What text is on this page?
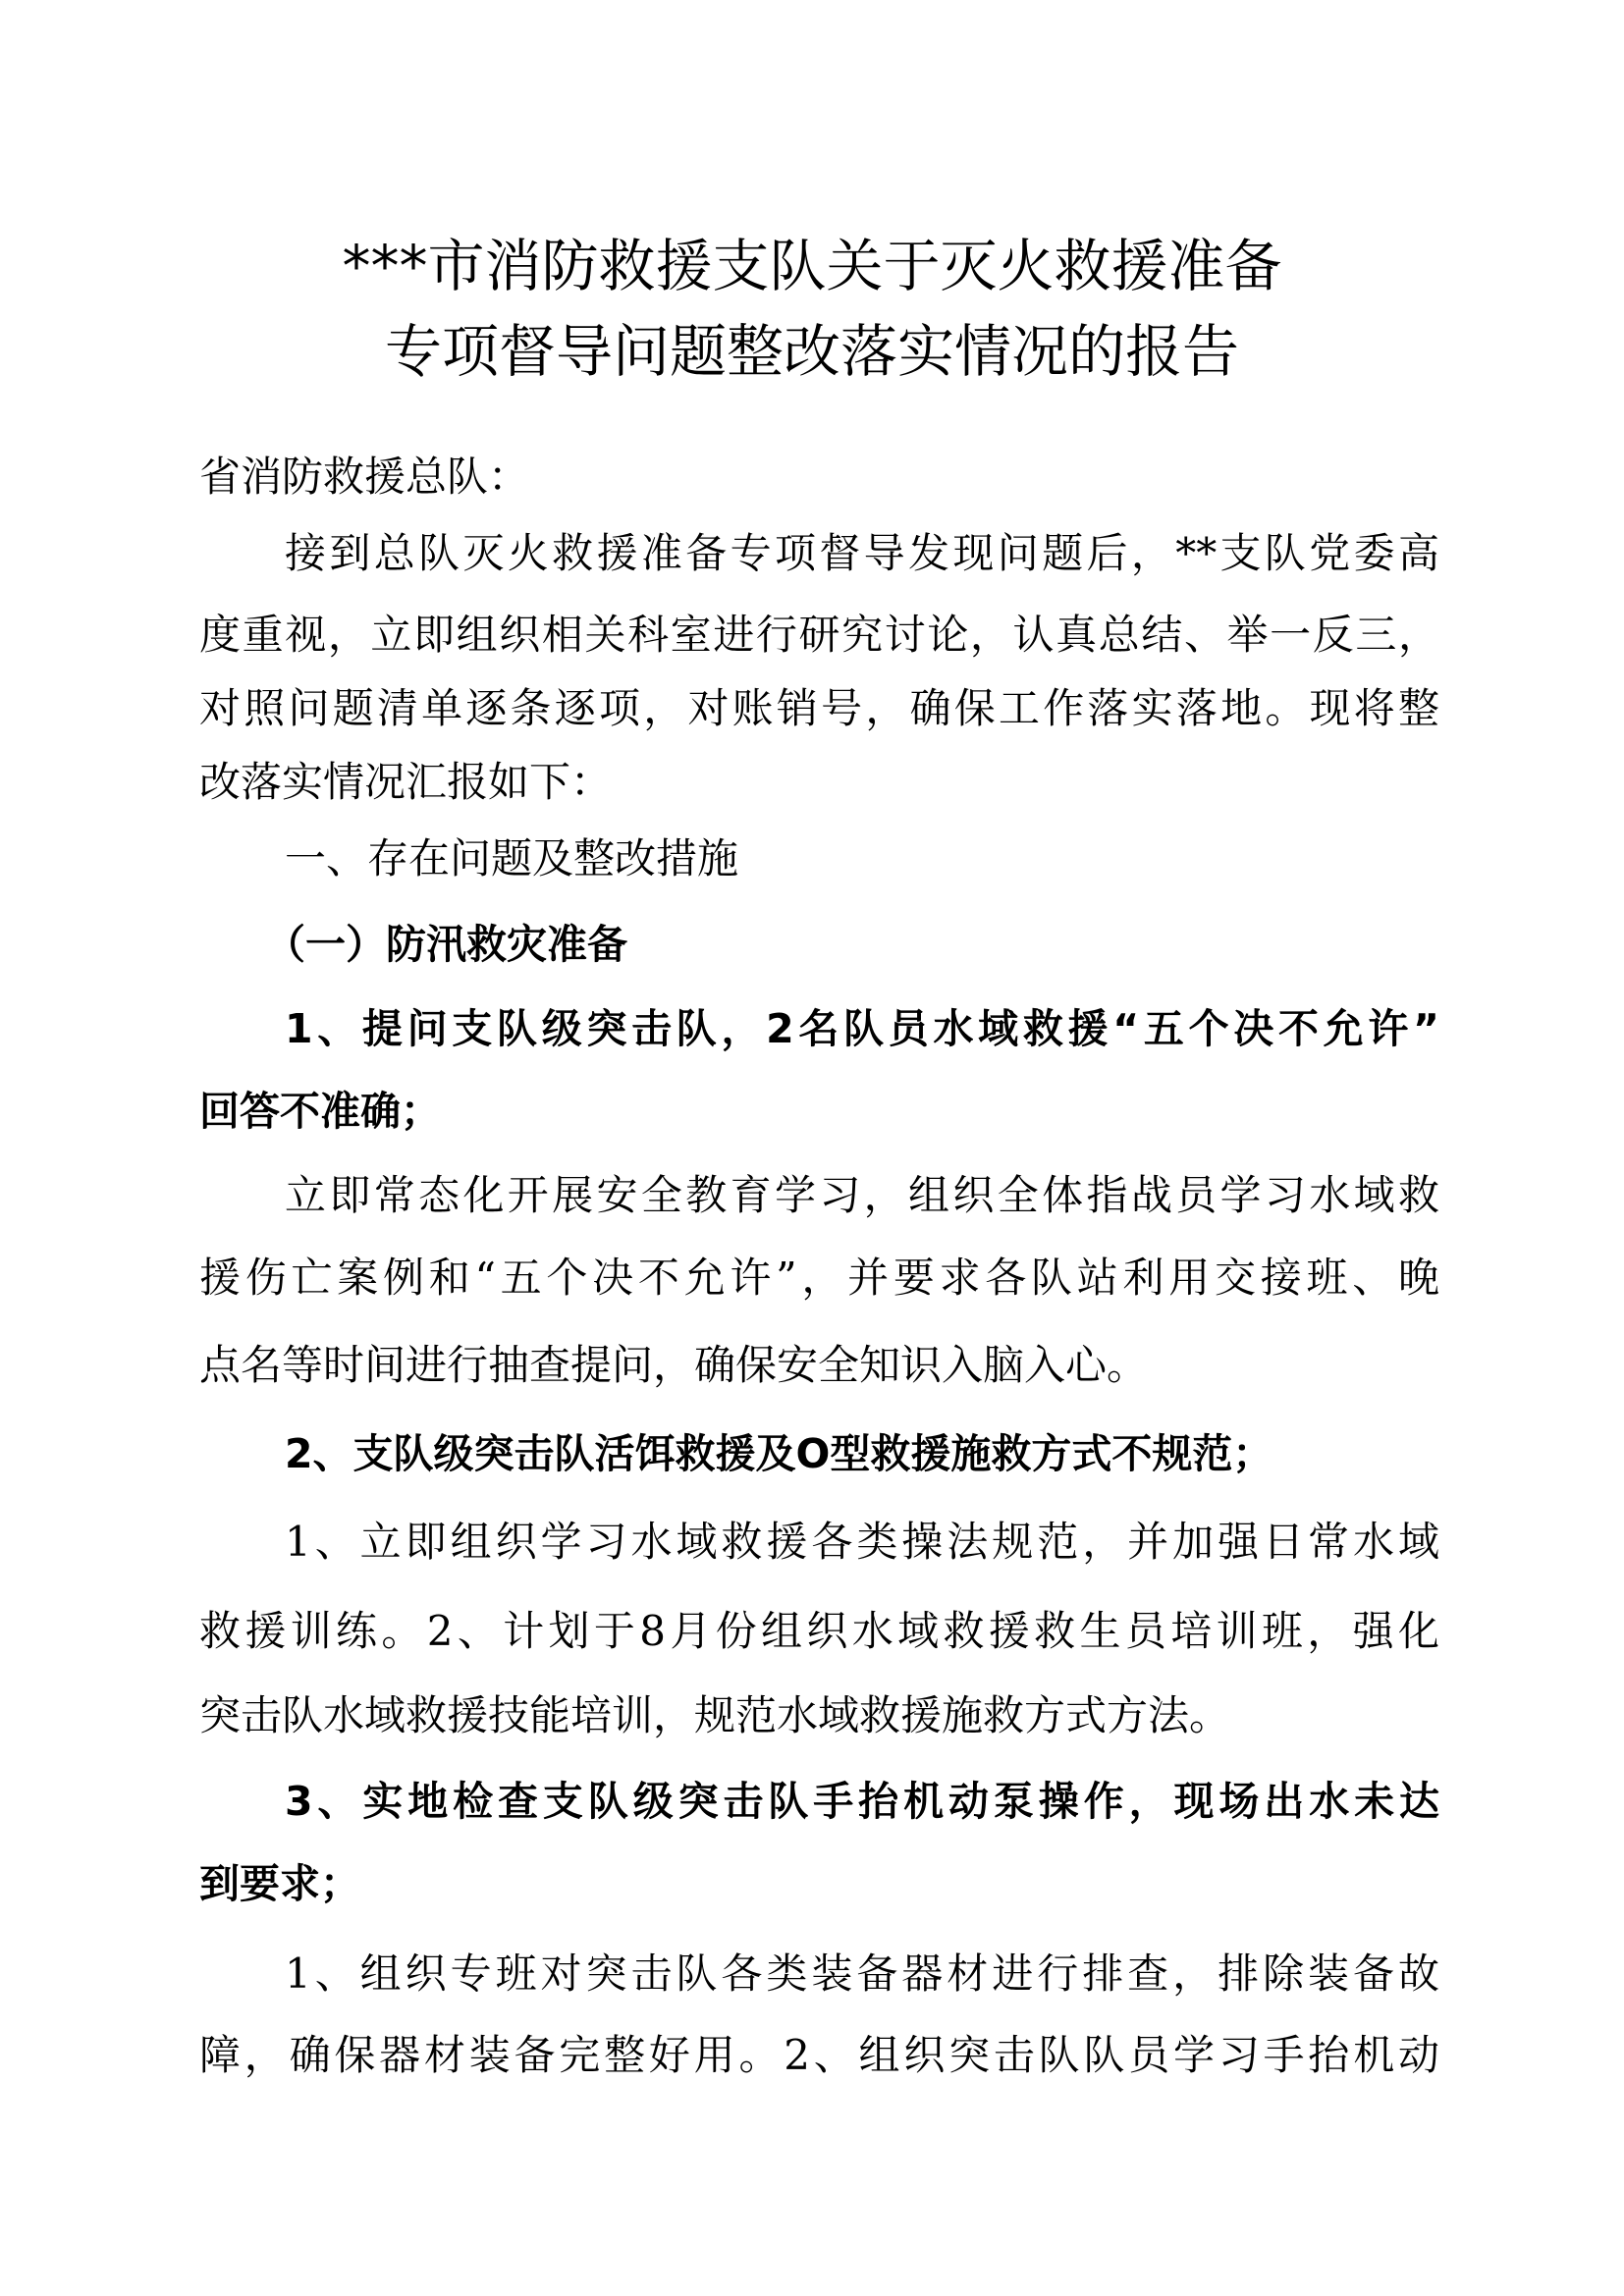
***市消防救援支队关于灭火救援准备
专项督导问题整改落实情况的报告
省消防救援总队：
接到总队灭火救援准备专项督导发现问题后，**支队党委高
度重视，立即组织相关科室进行研究讨论，认真总结、举一反三，
对照问题清单逐条逐项，对账销号，确保工作落实落地。现将整
改落实情况汇报如下：
一、存在问题及整改措施
（一）防汛救灾准备
1、提问支队级突击队，2名队员水域救援“五个决不允许”
回答不准确；
立即常态化开展安全教育学习，组织全体指战员学习水域救
援伤亡案例和“五个决不允许”，并要求各队站利用交接班、晚
点名等时间进行抽查提问，确保安全知识入脑入心。
2、支队级突击队活饵救援及O型救援施救方式不规范；
1、立即组织学习水域救援各类操法规范，并加强日常水域
救援训练。2、计划于8月份组织水域救援救生员培训班，强化
突击队水域救援技能培训，规范水域救援施救方式方法。
3、实地检查支队级突击队手抬机动泵操作，现场出水未达
到要求；
1、组织专班对突击队各类装备器材进行排查，排除装备故
障，确保器材装备完整好用。2、组织突击队队员学习手抬机动
